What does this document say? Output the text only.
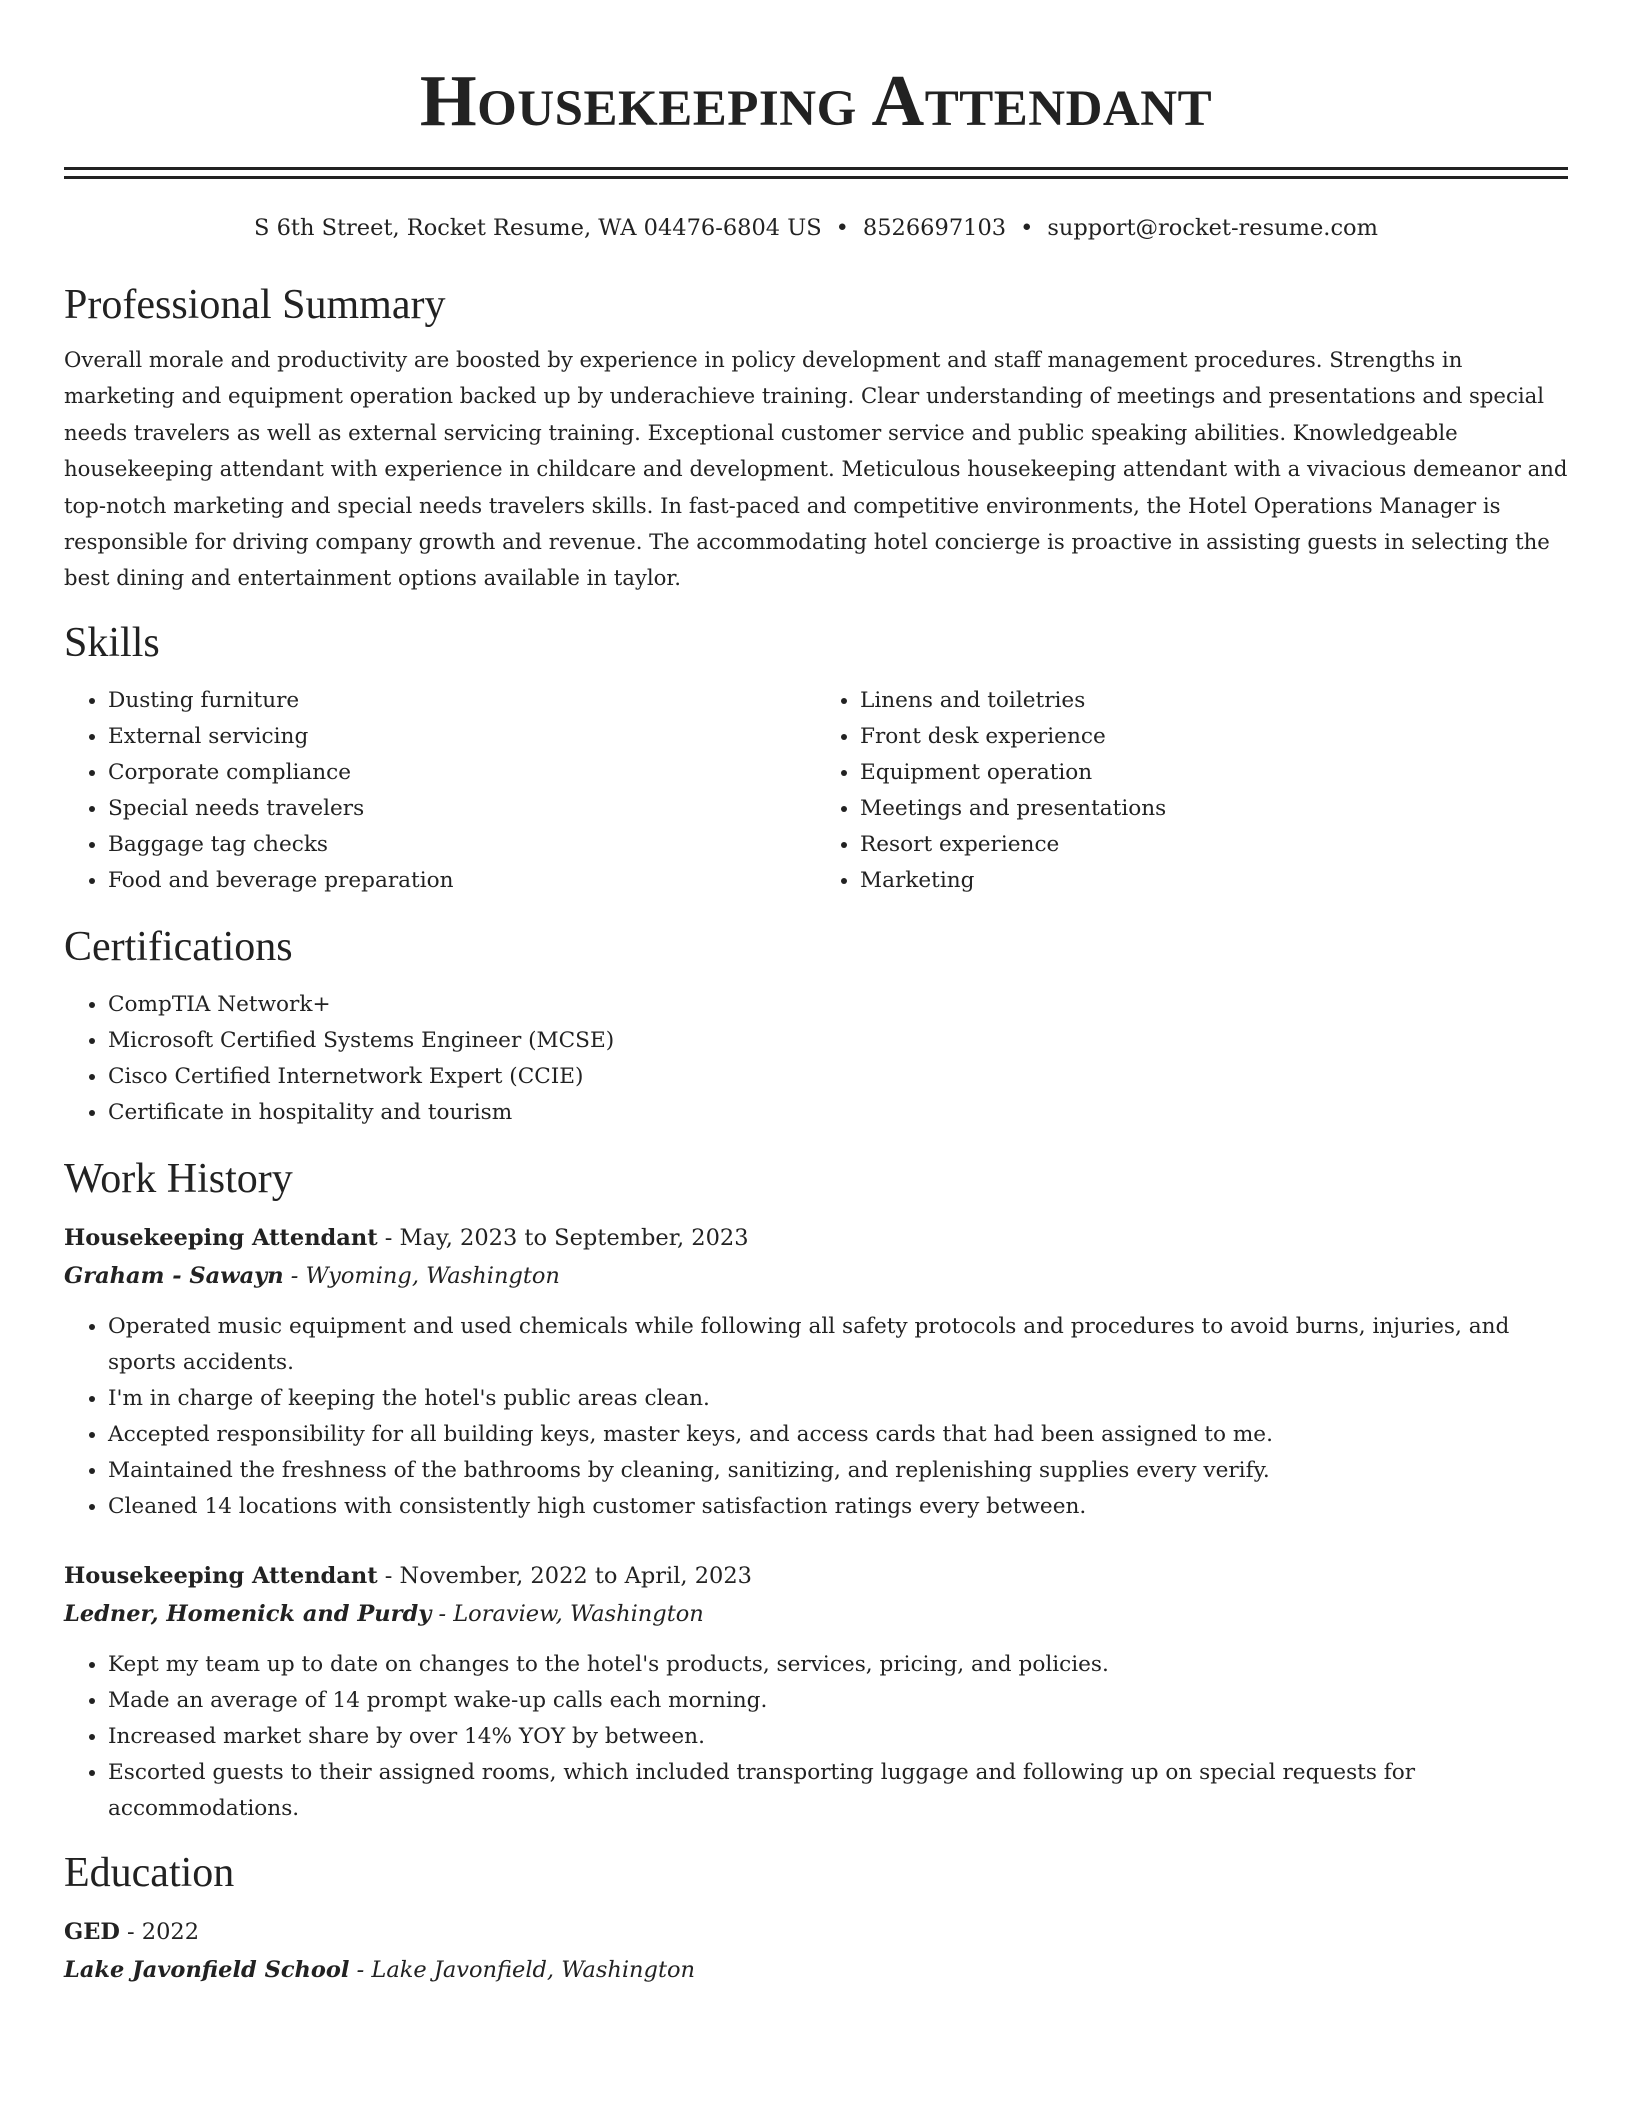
Housekeeping Attendant
S 6th Street, Rocket Resume, WA 04476-6804 US • 8526697103 • support@rocket-resume.com
Professional Summary
Overall morale and productivity are boosted by experience in policy development and staff management procedures. Strengths in marketing and equipment operation backed up by underachieve training. Clear understanding of meetings and presentations and special needs travelers as well as external servicing training. Exceptional customer service and public speaking abilities. Knowledgeable housekeeping attendant with experience in childcare and development. Meticulous housekeeping attendant with a vivacious demeanor and top-notch marketing and special needs travelers skills. In fast-paced and competitive environments, the Hotel Operations Manager is responsible for driving company growth and revenue. The accommodating hotel concierge is proactive in assisting guests in selecting the best dining and entertainment options available in taylor.
Skills
• Dusting furniture
• External servicing
• Corporate compliance
• Special needs travelers
• Baggage tag checks
• Food and beverage preparation
• Linens and toiletries
• Front desk experience
• Equipment operation
• Meetings and presentations
• Resort experience
• Marketing
Certifications
• CompTIA Network+
• Microsoft Certified Systems Engineer (MCSE)
• Cisco Certified Internetwork Expert (CCIE)
• Certificate in hospitality and tourism
Work History
Housekeeping Attendant - May, 2023 to September, 2023
Graham - Sawayn - Wyoming, Washington
• Operated music equipment and used chemicals while following all safety protocols and procedures to avoid burns, injuries, and sports accidents.
• I'm in charge of keeping the hotel's public areas clean.
• Accepted responsibility for all building keys, master keys, and access cards that had been assigned to me.
• Maintained the freshness of the bathrooms by cleaning, sanitizing, and replenishing supplies every verify.
• Cleaned 14 locations with consistently high customer satisfaction ratings every between.
Housekeeping Attendant - November, 2022 to April, 2023
Ledner, Homenick and Purdy - Loraview, Washington
• Kept my team up to date on changes to the hotel's products, services, pricing, and policies.
• Made an average of 14 prompt wake-up calls each morning.
• Increased market share by over 14% YOY by between.
• Escorted guests to their assigned rooms, which included transporting luggage and following up on special requests for accommodations.
Education
GED - 2022
Lake Javonfield School - Lake Javonfield, Washington
